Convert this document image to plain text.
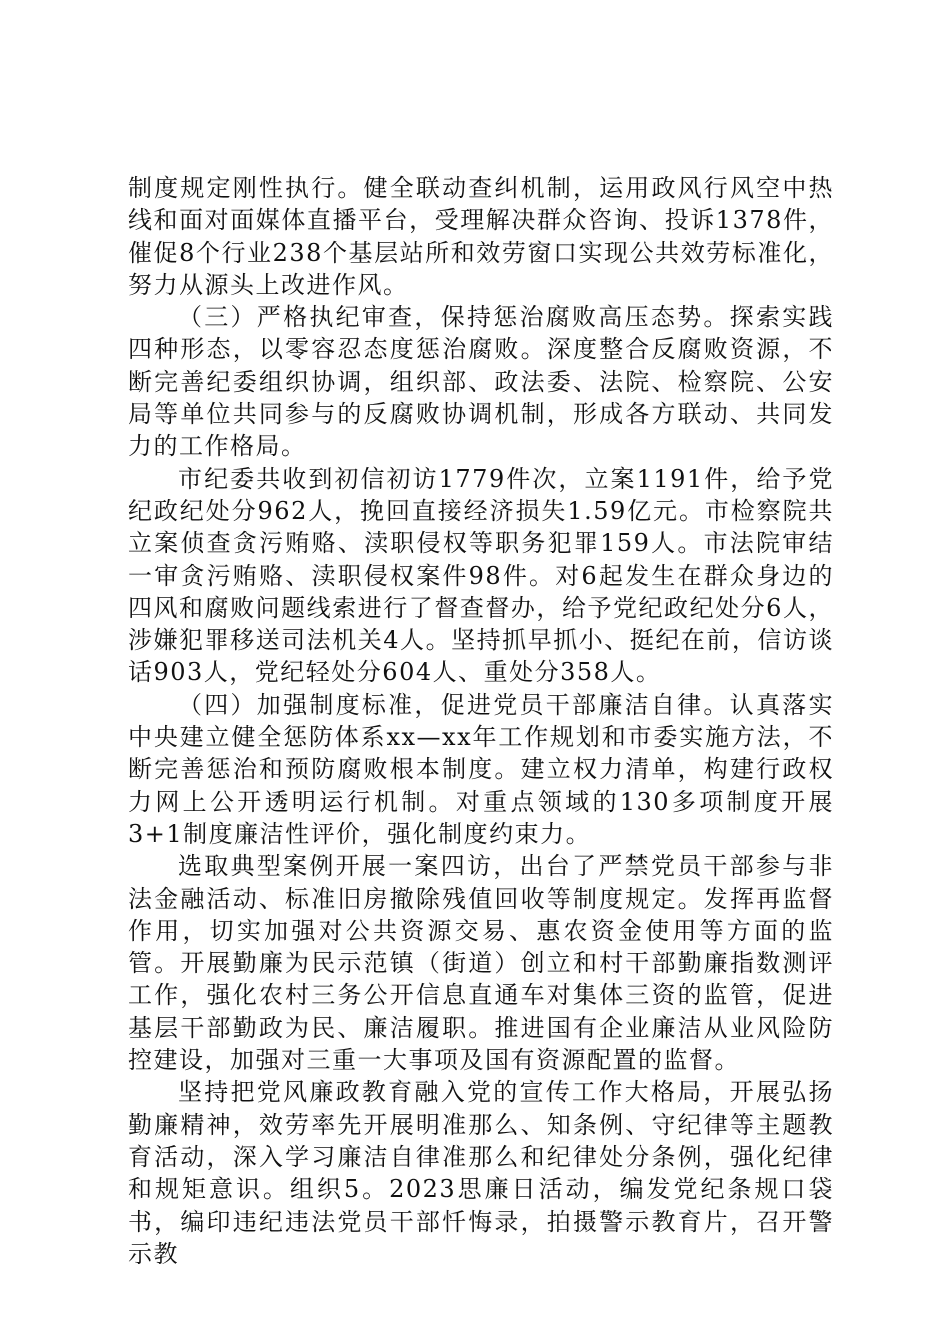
制度规定刚性执行。健全联动查纠机制，运用政风行风空中热线和面对面媒体直播平台，受理解决群众咨询、投诉1378件，催促8个行业238个基层站所和效劳窗口实现公共效劳标准化，努力从源头上改进作风。

（三）严格执纪审查，保持惩治腐败高压态势。探索实践四种形态，以零容忍态度惩治腐败。深度整合反腐败资源，不断完善纪委组织协调，组织部、政法委、法院、检察院、公安局等单位共同参与的反腐败协调机制，形成各方联动、共同发力的工作格局。

市纪委共收到初信初访1779件次，立案1191件，给予党纪政纪处分962人，挽回直接经济损失1.59亿元。市检察院共立案侦查贪污贿赂、渎职侵权等职务犯罪159人。市法院审结一审贪污贿赂、渎职侵权案件98件。对6起发生在群众身边的四风和腐败问题线索进行了督查督办，给予党纪政纪处分6人，涉嫌犯罪移送司法机关4人。坚持抓早抓小、挺纪在前，信访谈话903人，党纪轻处分604人、重处分358人。

（四）加强制度标准，促进党员干部廉洁自律。认真落实中央建立健全惩防体系xx—xx年工作规划和市委实施方法，不断完善惩治和预防腐败根本制度。建立权力清单，构建行政权力网上公开透明运行机制。对重点领域的130多项制度开展3+1制度廉洁性评价，强化制度约束力。

选取典型案例开展一案四访，出台了严禁党员干部参与非法金融活动、标准旧房撤除残值回收等制度规定。发挥再监督作用，切实加强对公共资源交易、惠农资金使用等方面的监管。开展勤廉为民示范镇（街道）创立和村干部勤廉指数测评工作，强化农村三务公开信息直通车对集体三资的监管，促进基层干部勤政为民、廉洁履职。推进国有企业廉洁从业风险防控建设，加强对三重一大事项及国有资源配置的监督。

坚持把党风廉政教育融入党的宣传工作大格局，开展弘扬勤廉精神，效劳率先开展明准那么、知条例、守纪律等主题教育活动，深入学习廉洁自律准那么和纪律处分条例，强化纪律和规矩意识。组织5。2023思廉日活动，编发党纪条规口袋书，编印违纪违法党员干部忏悔录，拍摄警示教育片，召开警示教
